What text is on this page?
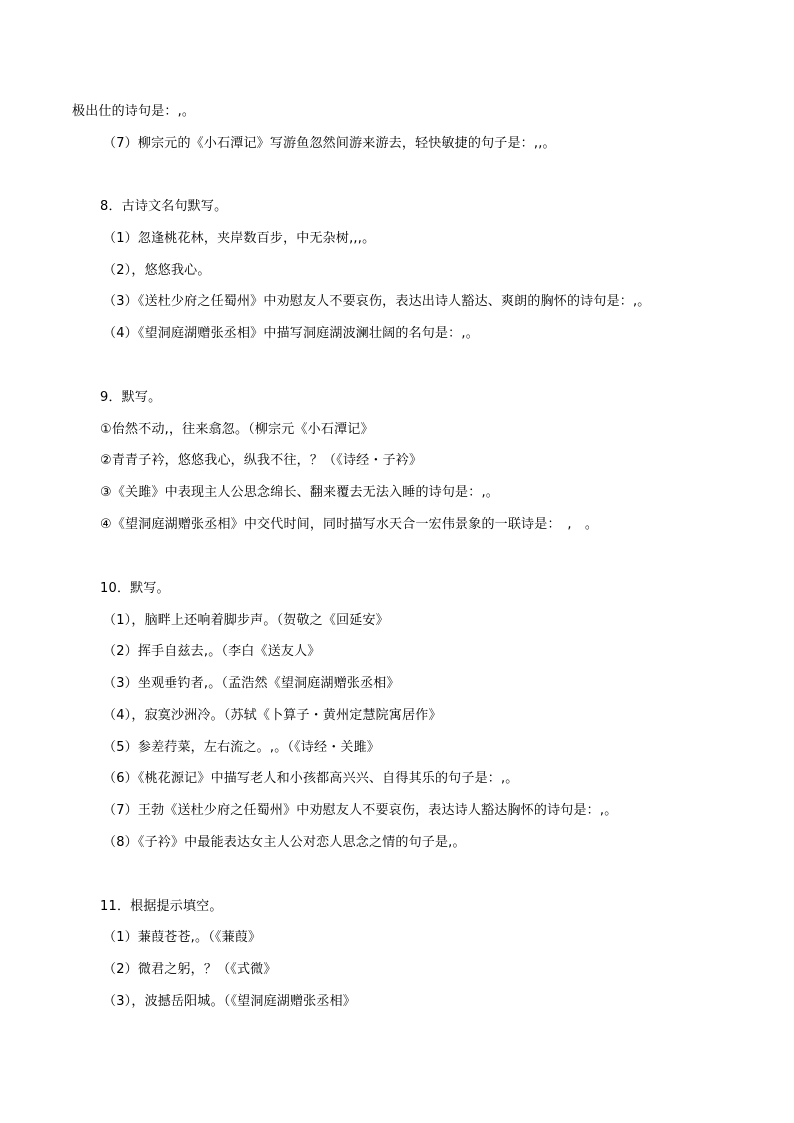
极出仕的诗句是：,。
（7）柳宗元的《小石潭记》写游鱼忽然间游来游去，轻快敏捷的句子是：,,。
8．古诗文名句默写。
（1）忽逢桃花林，夹岸数百步，中无杂树,,,。
（2），悠悠我心。
（3）《送杜少府之任蜀州》中劝慰友人不要哀伤，表达出诗人豁达、爽朗的胸怀的诗句是：,。
（4）《望洞庭湖赠张丞相》中描写洞庭湖波澜壮阔的名句是：,。
9．默写。
①佁然不动,，往来翕忽。（柳宗元《小石潭记》
②青青子衿，悠悠我心，纵我不往，？（《诗经・子衿》
③《关雎》中表现主人公思念绵长、翻来覆去无法入睡的诗句是：,。
④《望洞庭湖赠张丞相》中交代时间，同时描写水天合一宏伟景象的一联诗是：　,　。
10．默写。
（1），脑畔上还响着脚步声。（贺敬之《回延安》
（2）挥手自兹去,。（李白《送友人》
（3）坐观垂钓者,。（孟浩然《望洞庭湖赠张丞相》
（4），寂寞沙洲冷。（苏轼《卜算子・黄州定慧院寓居作》
（5）参差荇菜，左右流之。,。（《诗经・关雎》
（6）《桃花源记》中描写老人和小孩都高兴兴、自得其乐的句子是：,。
（7）王勃《送杜少府之任蜀州》中劝慰友人不要哀伤，表达诗人豁达胸怀的诗句是：,。
（8）《子衿》中最能表达女主人公对恋人思念之情的句子是,。
11．根据提示填空。
（1）蒹葭苍苍,。（《蒹葭》
（2）微君之躬，？（《式微》
（3），波撼岳阳城。（《望洞庭湖赠张丞相》
